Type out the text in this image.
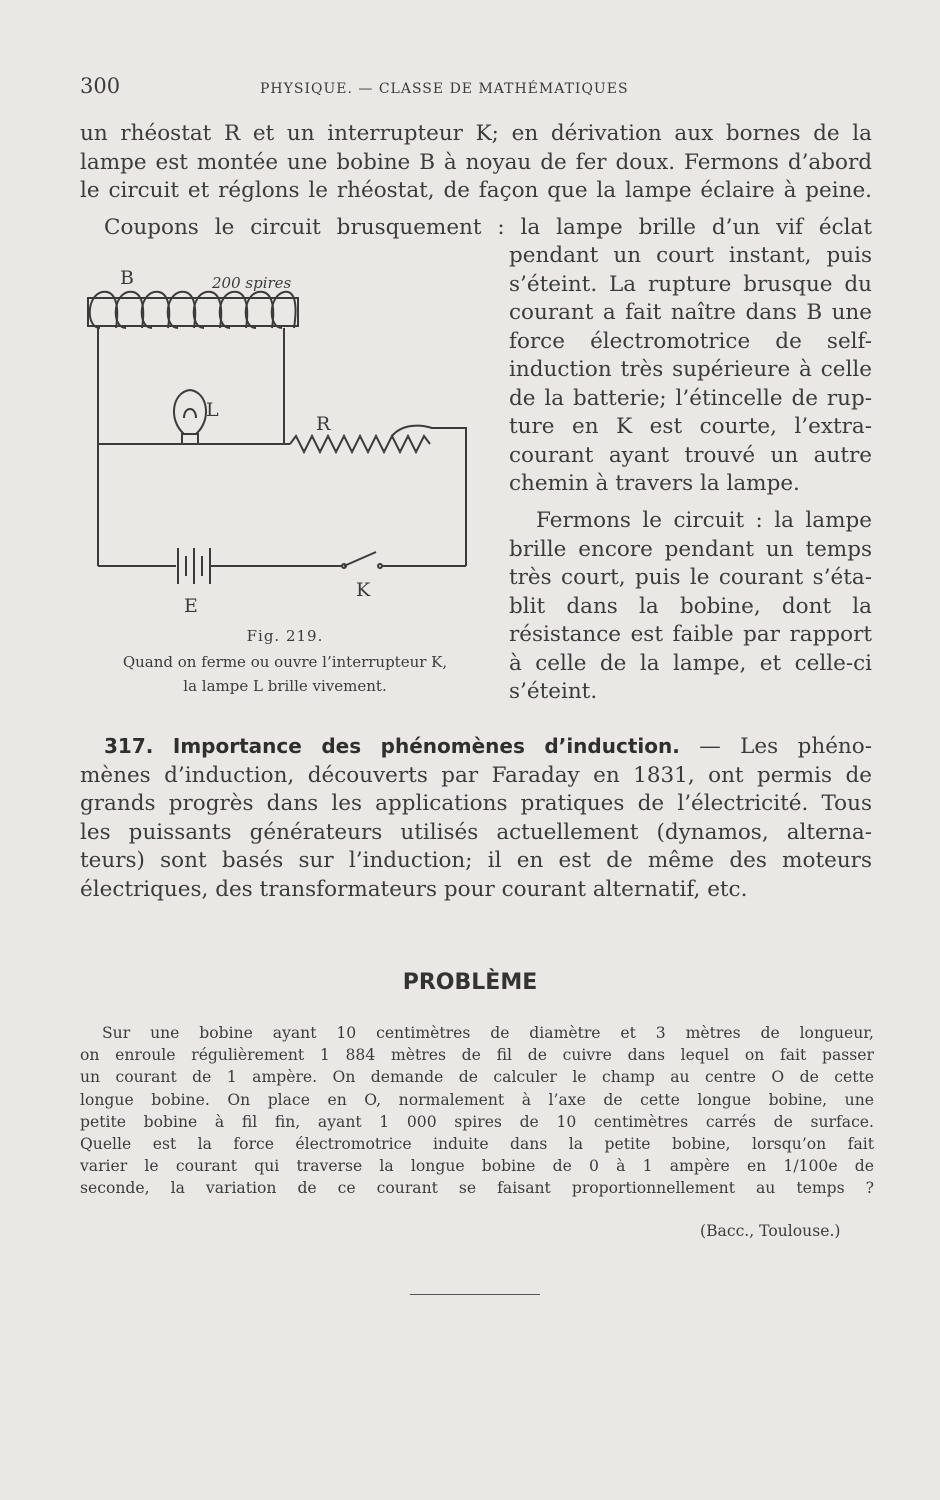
300	PHYSIQUE. — CLASSE DE MATHÉMATIQUES
un rhéostat R et un interrupteur K; en dérivation aux bornes de la
lampe est montée une bobine B à noyau de fer doux. Fermons d’abord
le circuit et réglons le rhéostat, de façon que la lampe éclaire à peine.
Coupons le circuit brusquement : la lampe brille d’un vif éclat
pendant un court instant, puis
s’éteint. La rupture brusque du
courant a fait naître dans B une
force électromotrice de self-
induction très supérieure à celle
de la batterie; l’étincelle de rup-
ture en K est courte, l’extra-
courant ayant trouvé un autre
chemin à travers la lampe.
Fermons le circuit : la lampe
brille encore pendant un temps
très court, puis le courant s’éta-
blit dans la bobine, dont la
résistance est faible par rapport
à celle de la lampe, et celle-ci
s’éteint.
B	200 spires
L
R
E
K
Fig. 219.
Quand on ferme ou ouvre l’interrupteur K,
la lampe L brille vivement.
317. Importance des phénomènes d’induction. — Les phéno-
mènes d’induction, découverts par Faraday en 1831, ont permis de
grands progrès dans les applications pratiques de l’électricité. Tous
les puissants générateurs utilisés actuellement (dynamos, alterna-
teurs) sont basés sur l’induction; il en est de même des moteurs
électriques, des transformateurs pour courant alternatif, etc.
PROBLÈME
Sur une bobine ayant 10 centimètres de diamètre et 3 mètres de longueur,
on enroule régulièrement 1 884 mètres de fil de cuivre dans lequel on fait passer
un courant de 1 ampère. On demande de calculer le champ au centre O de cette
longue bobine. On place en O, normalement à l’axe de cette longue bobine, une
petite bobine à fil fin, ayant 1 000 spires de 10 centimètres carrés de surface.
Quelle est la force électromotrice induite dans la petite bobine, lorsqu’on fait
varier le courant qui traverse la longue bobine de 0 à 1 ampère en 1/100e de
seconde, la variation de ce courant se faisant proportionnellement au temps ?
(Bacc., Toulouse.)
